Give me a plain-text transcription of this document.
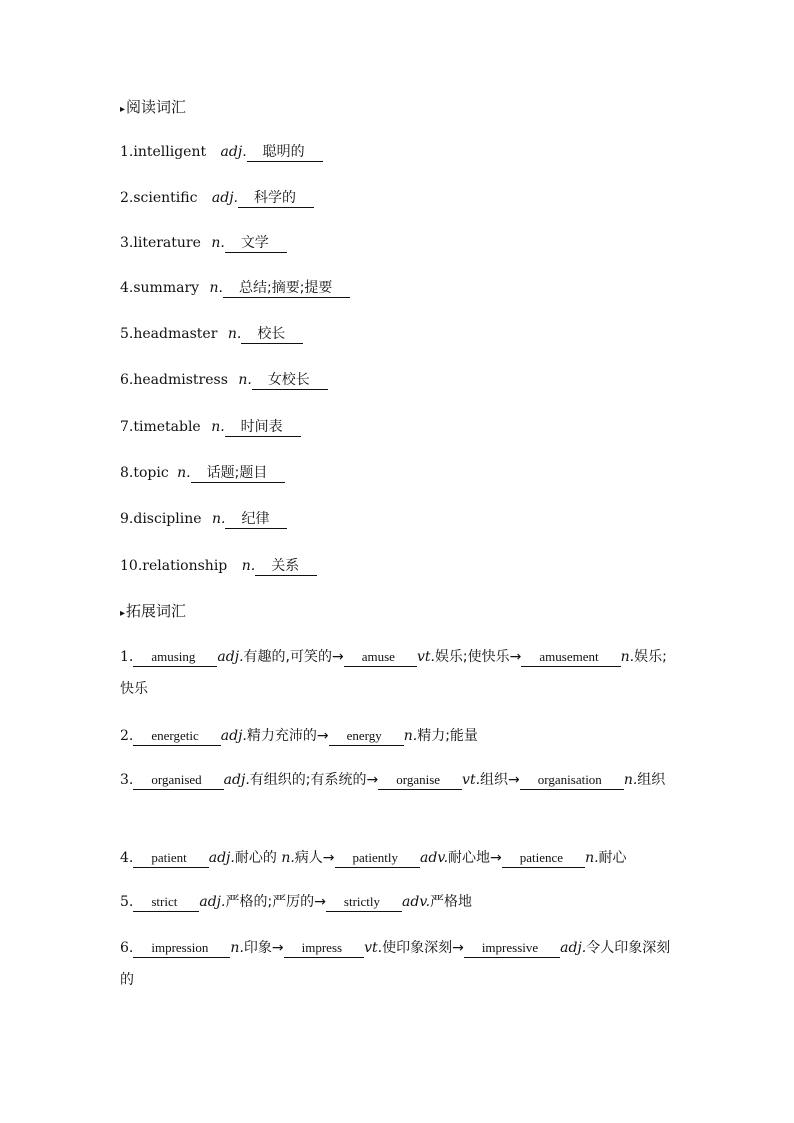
▸阅读词汇
1.intelligent adj. 聪明的
2.scientific adj. 科学的
3.literature n. 文学
4.summary n. 总结;摘要;提要
5.headmaster n. 校长
6.headmistress n. 女校长
7.timetable n. 时间表
8.topic n. 话题;题目
9.discipline n. 纪律
10.relationship n. 关系
▸拓展词汇
1. amusing adj.有趣的,可笑的→ amuse vt.娱乐;使快乐→ amusement n.娱乐;快乐
2. energetic adj.精力充沛的→ energy n.精力;能量
3. organised adj.有组织的;有系统的→ organise vt.组织→ organisation n.组织
4. patient adj.耐心的 n.病人→ patiently adv.耐心地→ patience n.耐心
5. strict adj.严格的;严厉的→ strictly adv.严格地
6. impression n.印象→ impress vt.使印象深刻→ impressive adj.令人印象深刻的
